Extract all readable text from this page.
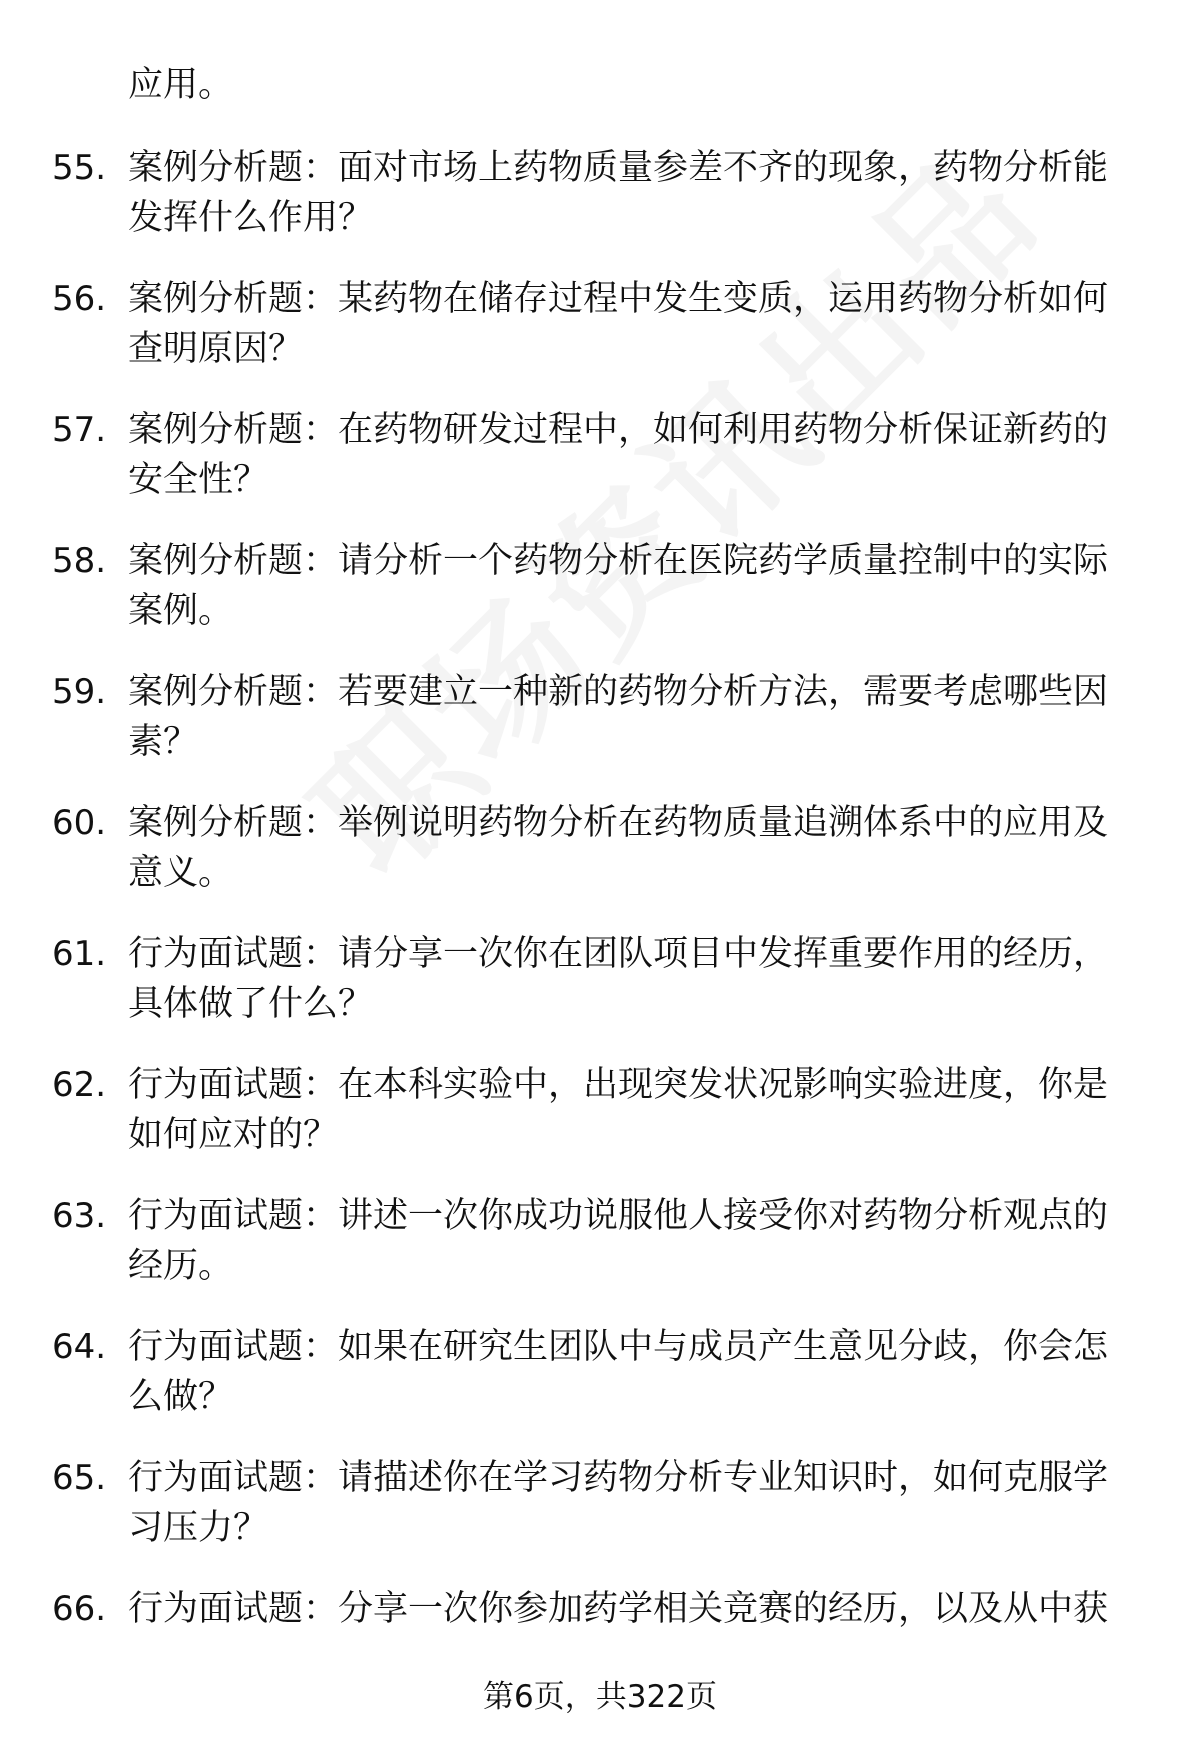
应用。

55. 案例分析题：面对市场上药物质量参差不齐的现象，药物分析能发挥什么作用？

56. 案例分析题：某药物在储存过程中发生变质，运用药物分析如何查明原因？

57. 案例分析题：在药物研发过程中，如何利用药物分析保证新药的安全性？

58. 案例分析题：请分析一个药物分析在医院药学质量控制中的实际案例。

59. 案例分析题：若要建立一种新的药物分析方法，需要考虑哪些因素？

60. 案例分析题：举例说明药物分析在药物质量追溯体系中的应用及意义。

61. 行为面试题：请分享一次你在团队项目中发挥重要作用的经历，具体做了什么？

62. 行为面试题：在本科实验中，出现突发状况影响实验进度，你是如何应对的？

63. 行为面试题：讲述一次你成功说服他人接受你对药物分析观点的经历。

64. 行为面试题：如果在研究生团队中与成员产生意见分歧，你会怎么做？

65. 行为面试题：请描述你在学习药物分析专业知识时，如何克服学习压力？

66. 行为面试题：分享一次你参加药学相关竞赛的经历，以及从中获

第6页，共322页
